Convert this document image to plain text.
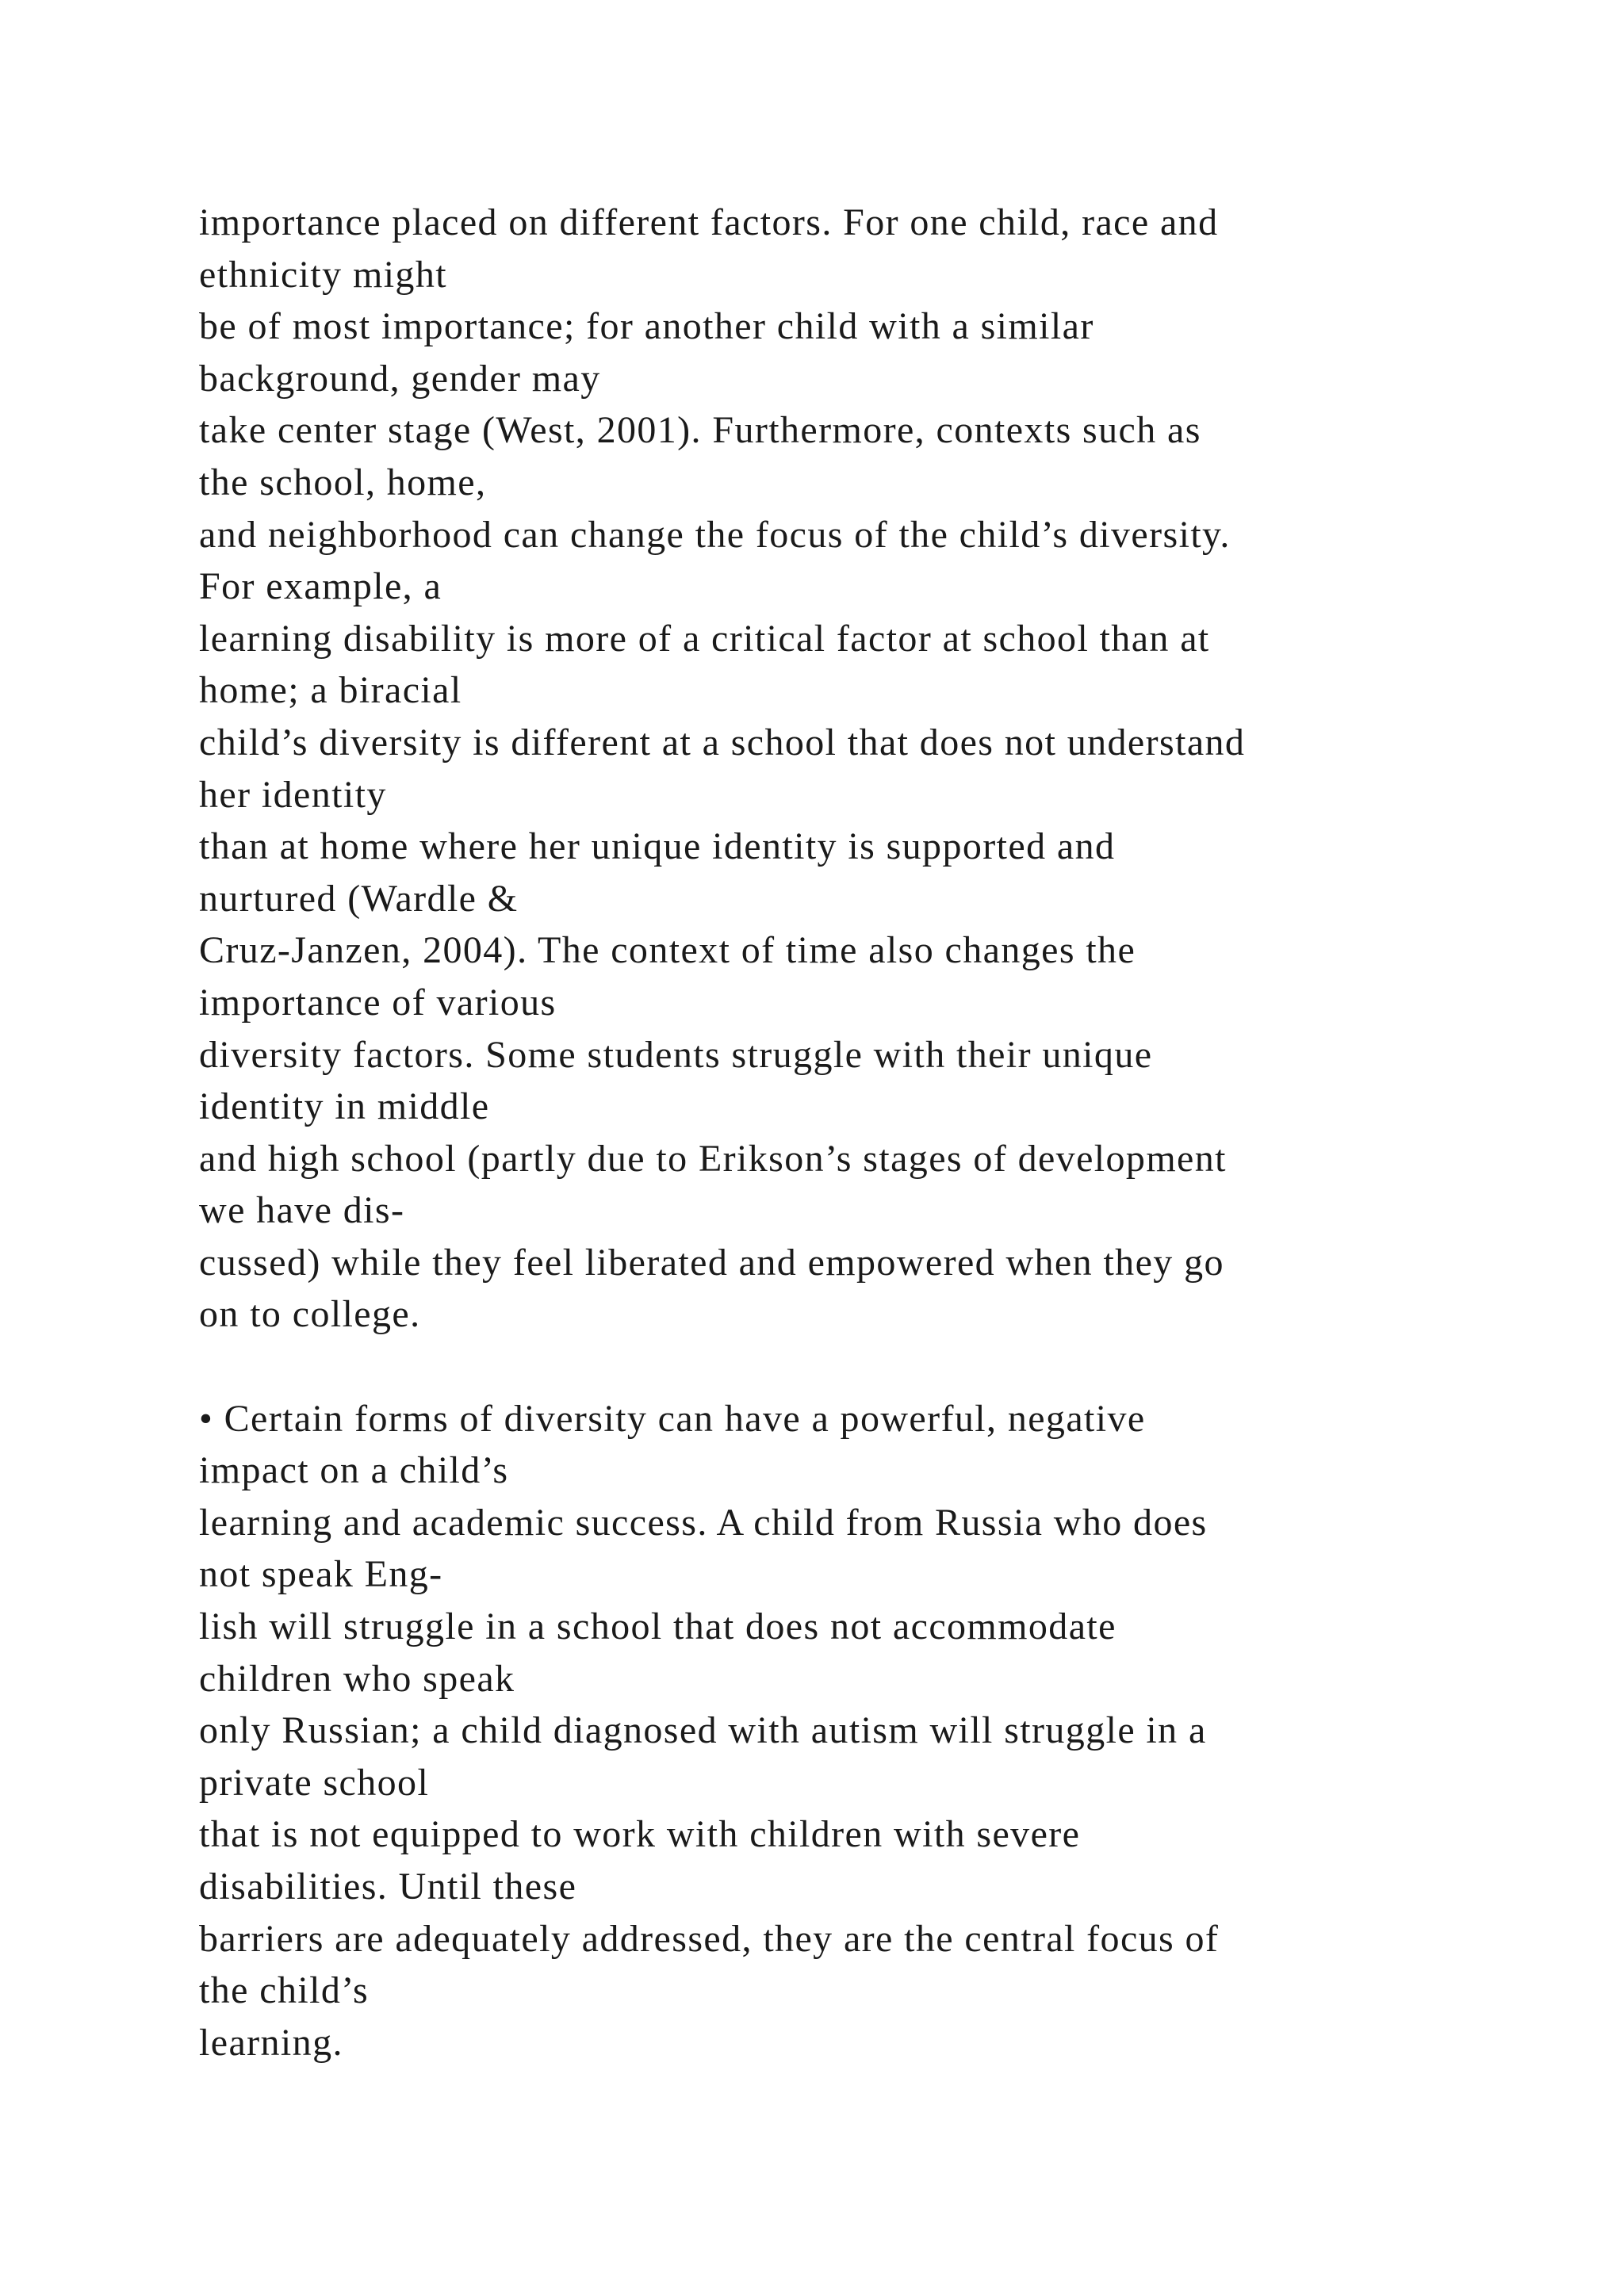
importance placed on different factors. For one child, race and
ethnicity might
be of most importance; for another child with a similar
background, gender may
take center stage (West, 2001). Furthermore, contexts such as
the school, home,
and neighborhood can change the focus of the child’s diversity.
For example, a
learning disability is more of a critical factor at school than at
home; a biracial
child’s diversity is different at a school that does not understand
her identity
than at home where her unique identity is supported and
nurtured (Wardle &
Cruz-Janzen, 2004). The context of time also changes the
importance of various
diversity factors. Some students struggle with their unique
identity in middle
and high school (partly due to Erikson’s stages of development
we have dis-
cussed) while they feel liberated and empowered when they go
on to college.
• Certain forms of diversity can have a powerful, negative
impact on a child’s
learning and academic success. A child from Russia who does
not speak Eng-
lish will struggle in a school that does not accommodate
children who speak
only Russian; a child diagnosed with autism will struggle in a
private school
that is not equipped to work with children with severe
disabilities. Until these
barriers are adequately addressed, they are the central focus of
the child’s
learning.
